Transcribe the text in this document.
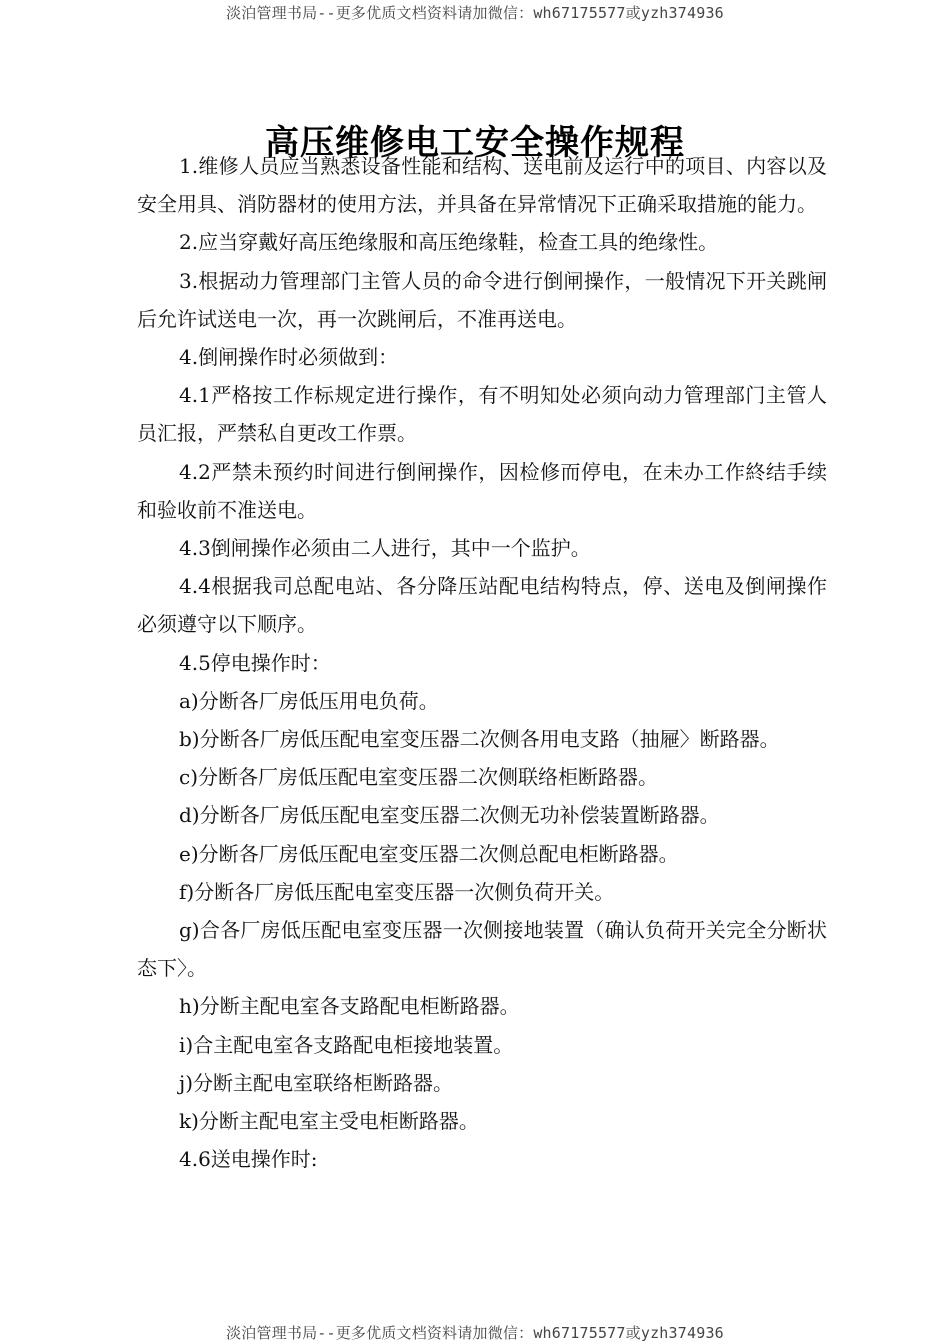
淡泊管理书局--更多优质文档资料请加微信：wh67175577或yzh374936
高压维修电工安全操作规程

1.维修人员应当熟悉设备性能和结构、送电前及运行中的项目、内容以及安全用具、消防器材的使用方法，并具备在异常情况下正确采取措施的能力。

2.应当穿戴好高压绝缘服和高压绝缘鞋，检查工具的绝缘性。

3.根据动力管理部门主管人员的命令进行倒闸操作，一般情况下开关跳闸后允许试送电一次，再一次跳闸后，不准再送电。

4.倒闸操作时必须做到：

4.1严格按工作标规定进行操作，有不明知处必须向动力管理部门主管人员汇报，严禁私自更改工作票。

4.2严禁未预约时间进行倒闸操作，因检修而停电，在未办工作終结手续和验收前不准送电。

4.3倒闸操作必须由二人进行，其中一个监护。

4.4根据我司总配电站、各分降压站配电结构特点，停、送电及倒闸操作必须遵守以下顺序。

4.5停电操作时：

a)分断各厂房低压用电负荷。

b)分断各厂房低压配电室变压器二次侧各用电支路（抽屜〉断路器。

c)分断各厂房低压配电室变压器二次侧联络柜断路器。

d)分断各厂房低压配电室变压器二次侧无功补偿装置断路器。

e)分断各厂房低压配电室变压器二次侧总配电柜断路器。

f)分断各厂房低压配电室变压器一次侧负荷开关。

g)合各厂房低压配电室变压器一次侧接地装置（确认负荷开关完全分断状态下〉。

h)分断主配电室各支路配电柜断路器。

i)合主配电室各支路配电柜接地装置。

j)分断主配电室联络柜断路器。

k)分断主配电室主受电柜断路器。

4.6送电操作时:

淡泊管理书局--更多优质文档资料请加微信：wh67175577或yzh374936
